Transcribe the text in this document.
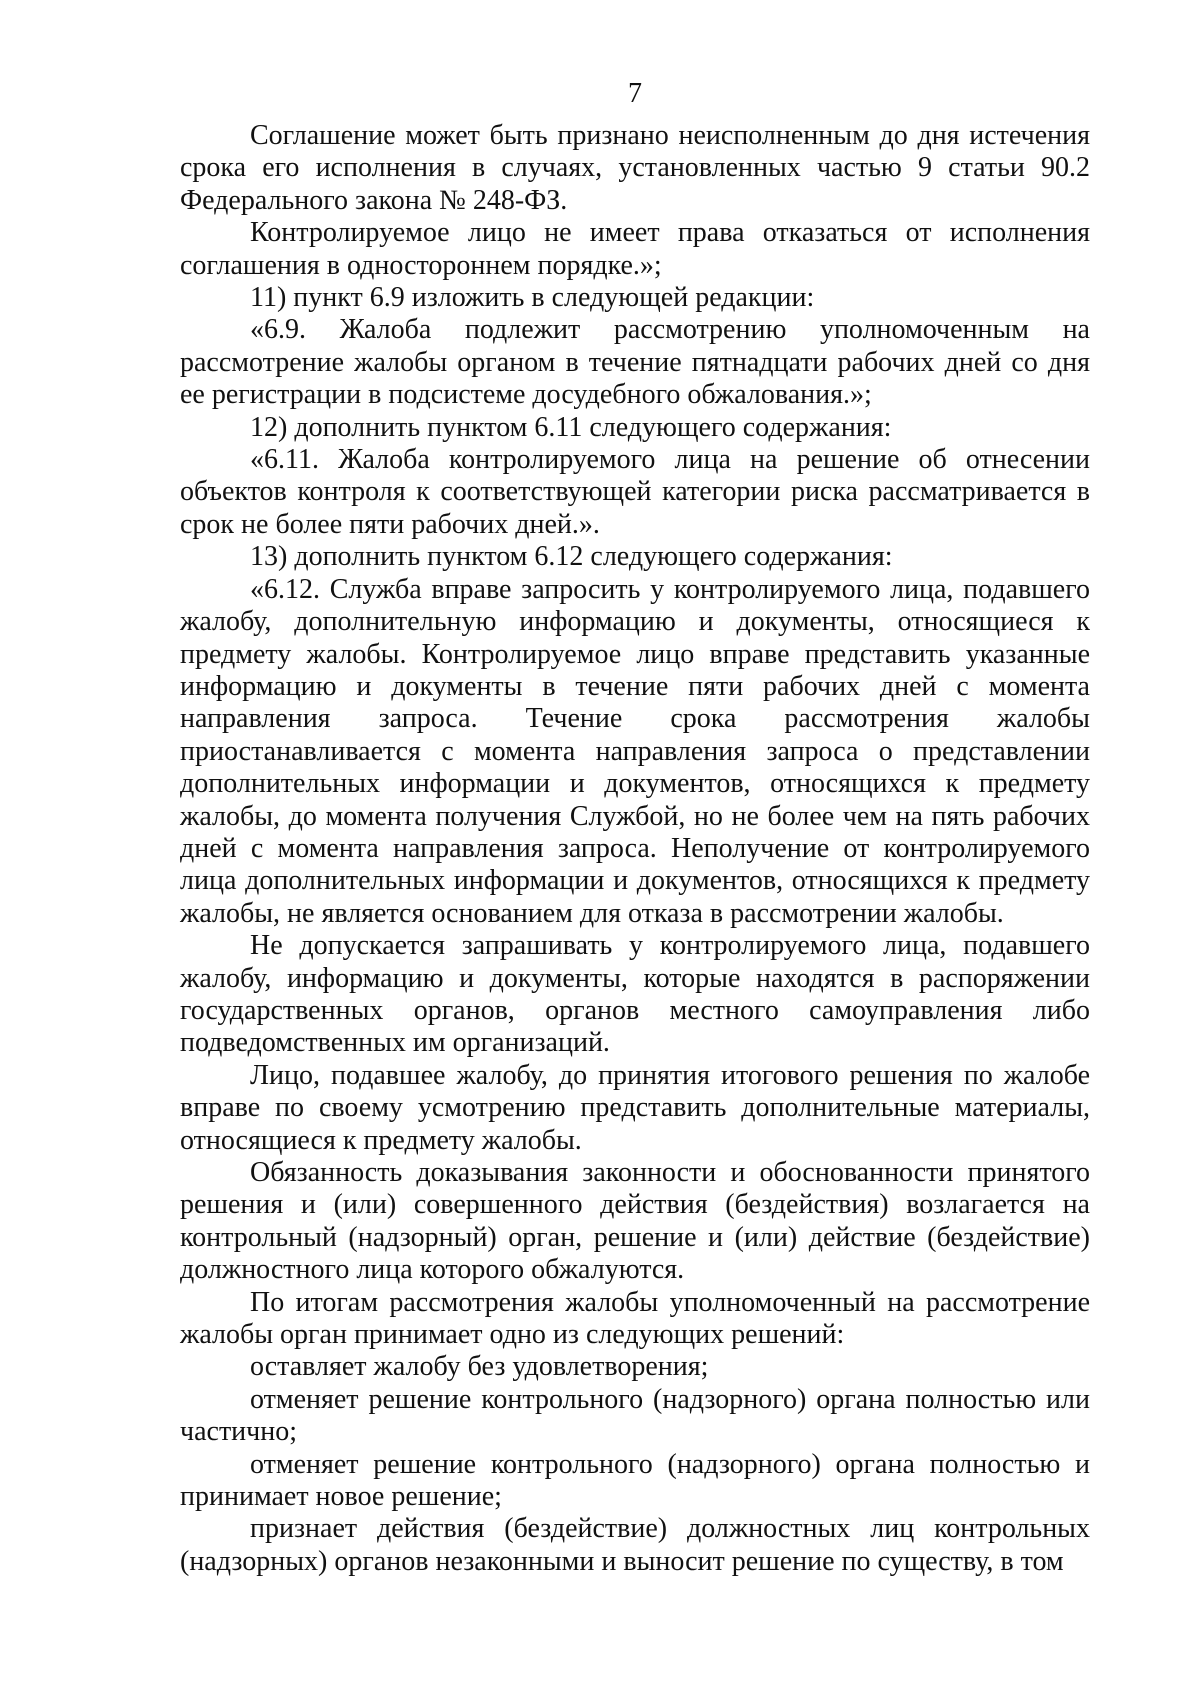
7

Соглашение может быть признано неисполненным до дня истечения срока его исполнения в случаях, установленных частью 9 статьи 90.2 Федерального закона № 248-ФЗ.

Контролируемое лицо не имеет права отказаться от исполнения соглашения в одностороннем порядке.»;

11) пункт 6.9 изложить в следующей редакции:

«6.9. Жалоба подлежит рассмотрению уполномоченным на рассмотрение жалобы органом в течение пятнадцати рабочих дней со дня ее регистрации в подсистеме досудебного обжалования.»;

12) дополнить пунктом 6.11 следующего содержания:

«6.11. Жалоба контролируемого лица на решение об отнесении объектов контроля к соответствующей категории риска рассматривается в срок не более пяти рабочих дней.».

13) дополнить пунктом 6.12 следующего содержания:

«6.12. Служба вправе запросить у контролируемого лица, подавшего жалобу, дополнительную информацию и документы, относящиеся к предмету жалобы. Контролируемое лицо вправе представить указанные информацию и документы в течение пяти рабочих дней с момента направления запроса. Течение срока рассмотрения жалобы приостанавливается с момента направления запроса о представлении дополнительных информации и документов, относящихся к предмету жалобы, до момента получения Службой, но не более чем на пять рабочих дней с момента направления запроса. Неполучение от контролируемого лица дополнительных информации и документов, относящихся к предмету жалобы, не является основанием для отказа в рассмотрении жалобы.

Не допускается запрашивать у контролируемого лица, подавшего жалобу, информацию и документы, которые находятся в распоряжении государственных органов, органов местного самоуправления либо подведомственных им организаций.

Лицо, подавшее жалобу, до принятия итогового решения по жалобе вправе по своему усмотрению представить дополнительные материалы, относящиеся к предмету жалобы.

Обязанность доказывания законности и обоснованности принятого решения и (или) совершенного действия (бездействия) возлагается на контрольный (надзорный) орган, решение и (или) действие (бездействие) должностного лица которого обжалуются.

По итогам рассмотрения жалобы уполномоченный на рассмотрение жалобы орган принимает одно из следующих решений:

оставляет жалобу без удовлетворения;

отменяет решение контрольного (надзорного) органа полностью или частично;

отменяет решение контрольного (надзорного) органа полностью и принимает новое решение;

признает действия (бездействие) должностных лиц контрольных (надзорных) органов незаконными и выносит решение по существу, в том
